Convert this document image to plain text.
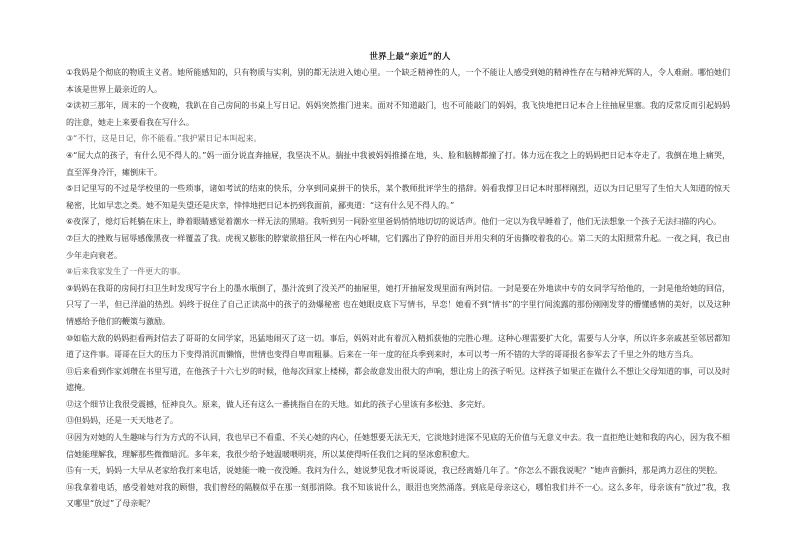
世界上最“亲近”的人

①我妈是个彻底的物质主义者。她所能感知的，只有物质与实利，别的都无法进入她心里。一个缺乏精神性的人，一个不能让人感受到她的精神性存在与精神光辉的人，令人难耐。哪怕她们本该是世界上最亲近的人。

②读初三那年，周末的一个夜晚，我趴在自己房间的书桌上写日记。妈妈突然推门进来。面对不知道敲门，也不可能敲门的妈妈，我飞快地把日记本合上往抽屉里塞。我的反常反而引起妈妈的注意，她走上来要看我在写什么。

③“不行，这是日记，你不能看。”我护紧日记本叫起来。

④“屁大点的孩子，有什么见不得人的。”妈一面分说直奔抽屉，我坚决不从。揣扯中我被妈妈推搡在地，头、脸和脑膊都撞了打。体力远在我之上的妈妈把日记本夺走了。我倒在地上痛哭，直至浑身冷汗，瘫倒床干。

⑤日记里写的不过是学校里的一些琐事，诸如考试的结束的快乐，分享到同桌拼干的快乐，某个教师批评学生的措辞。妈看我撑卫日记本时那样刚烈，迈以为日记里写了生怕大人知道的惊天秘密，比如早恋之类。她不知是失望还是庆幸，悻悻地把日记本扔到我面前，鄙夷道：“这有什么见不得人的。”

⑥夜深了，熄灯后耗躺在床上，睁着眼睛感觉着潮水一样无法的黑暗。我听到另一间卧室里爸妈悄悄地切切的说话声。他们一定以为我早睡着了，他们无法想象一个孩子无法扫描的内心。

⑦巨大的挫败与屈辱感像黑夜一样覆盖了我。虎视又膨胀的脖蒙欲措狂风一样在内心呼啸，它们露出了狰狞的面目并用尖利的牙齿撕咬着我的心。第二天的太阳照常升起。一夜之间，我已由少年走向衰老。

⑧后来我家发生了一件更大的事。

⑨妈妈在我哥的房间打扫卫生时发现写字台上的墨水瓶倒了，墨汁流到了没关严的抽屉里，她打开抽屉发现里面有两封信。一封是要在外地读中专的女同学写给他的，一封是他给她的回信，只写了一半，但已洋溢的热烈。妈终于捉住了自己正读高中的孩子的劲爆秘密 也在她眼皮底下写情书，早恋！她看不到“情书”的字里行间流露的那份刚刚发芽的懵懂感情的美好，以及这种情感给予他们的鞭策与激励。

⑩如临大敌的妈妈拒看两封信去了哥哥的女同学家，迅猛地闹灭了这一切。事后，妈妈对此有着沉入精抓获他的完胜心理。这种心理需要扩大化，需要与人分享，所以许多亲戚甚至邻居都知道了这件事。哥哥在巨大的压力下变得消沉而懒惰，世情也变得自卑而粗暴。后来在一年一度的征兵季到来时，本可以考一所不错的大学的哥哥报名参军去了千里之外的地方当兵。

⑪后来看到作家刘瓒在书里写道，在他孩子十六七岁的时候，他每次回家上楼梯，都会故意发出很大的声响，想让房上的孩子听见。这样孩子如果正在做什么不想让父母知道的事，可以及时遮掩。

⑫这个细节让我很受震撼，怔神良久。原来，做人还有这么一番挑指自在的天地。如此的孩子心里该有多松弛、多完好。

⑬但妈妈，还是一天天地老了。

⑭因为对她的人生趣味与行为方式的不认同，我也早已不看重、不关心她的内心，任她想要无法无天，它淡地封进深不见底的无价值与无意义中去。我一直拒绝让她和我的内心，因为我不相信她能理解我，理解那些微微暗沉。多年来，我很少给予她温暖喂明亮，所以某使得听任我们之间的坚冰愈积愈大。

⑮有一天，妈妈一大早从老家给我打来电话，说她能一晚一夜没睡。我问为什么，她说梦见我才听说哥说，我已经离婚几年了。“你怎么不跟我说呢？”她声音颤抖，那是鸿力忍住的哭腔。

⑯我拿着电话，感受着她对我的顾惜，我们曾经的隔膜似乎在那一刻那消除。我不知该说什么，眼泪也突然涌落。到底是母亲这心，哪怕我们并不一心。这么多年，母亲该有“放过”我，我又哪里“放过”了母亲呢？
